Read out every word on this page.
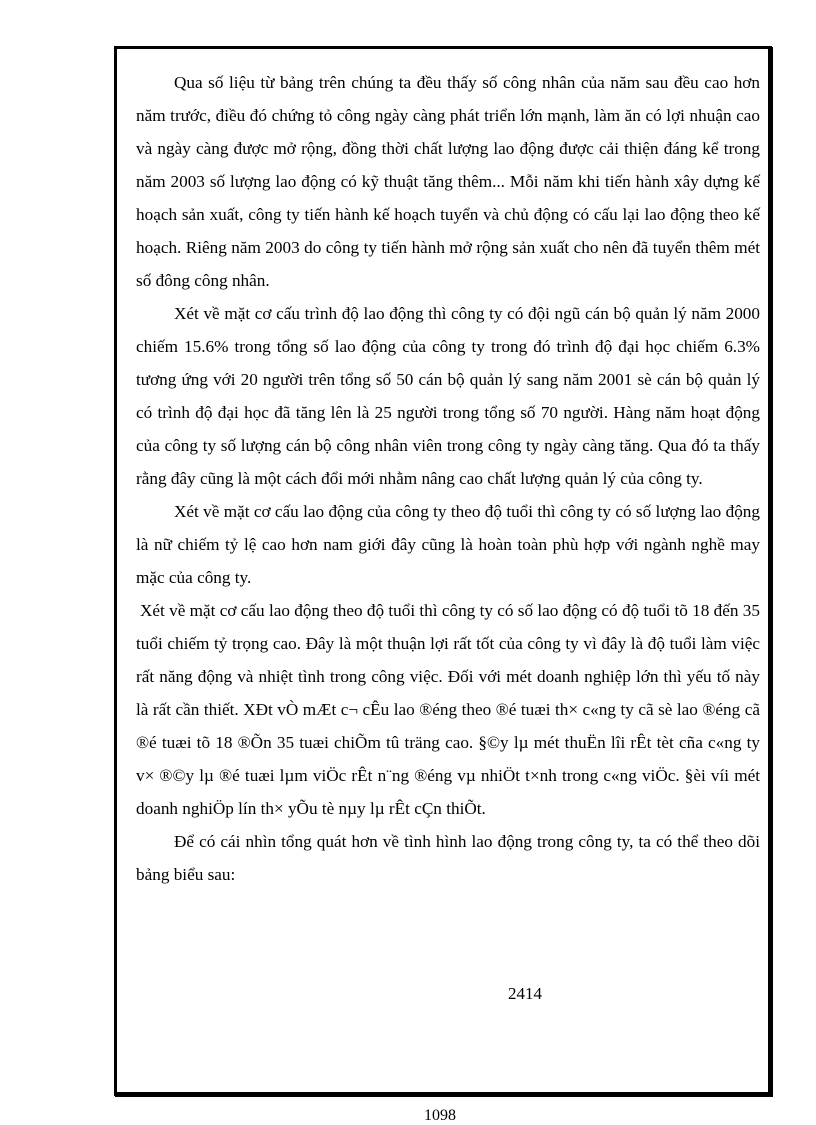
Qua số liệu từ bảng trên chúng ta đều thấy số công nhân của năm sau đều cao hơn năm trước, điều đó chứng tỏ công ngày càng phát triển lớn mạnh, làm ăn có lợi nhuận cao và ngày càng được mở rộng, đồng thời chất lượng lao động được cải thiện đáng kể trong năm 2003 số lượng lao động có kỹ thuật tăng thêm... Mỗi năm khi tiến hành xây dựng kế hoạch sản xuất, công ty tiến hành kế hoạch tuyển và chủ động có cấu lại lao động theo kế hoạch. Riêng năm 2003 do công ty tiến hành mở rộng sản xuất cho nên đã tuyển thêm mét số đông công nhân.

Xét về mặt cơ cấu trình độ lao động thì công ty có đội ngũ cán bộ quản lý năm 2000 chiếm 15.6% trong tổng số lao động của công ty trong đó trình độ đại học chiếm 6.3% tương ứng với 20 người trên tổng số 50 cán bộ quản lý sang năm 2001 sè cán bộ quản lý có trình độ đại học đã tăng lên là 25 người trong tổng số 70 người. Hàng năm hoạt động của công ty số lượng cán bộ công nhân viên trong công ty ngày càng tăng. Qua đó ta thấy rằng đây cũng là một cách đổi mới nhằm nâng cao chất lượng quản lý của công ty.

Xét về mặt cơ cấu lao động của công ty theo độ tuổi thì công ty có số lượng lao động là nữ chiếm tỷ lệ cao hơn nam giới đây cũng là hoàn toàn phù hợp với ngành nghề may mặc của công ty.

Xét về mặt cơ cấu lao động theo độ tuổi thì công ty có số lao động có độ tuổi tõ 18 đến 35 tuổi chiếm tỷ trọng cao. Đây là một thuận lợi rất tốt của công ty vì đây là độ tuổi làm việc rất năng động và nhiệt tình trong công việc. Đối với mét doanh nghiệp lớn thì yếu tố này là rất cần thiết. XÐt vÒ mÆt c¬ cÊu lao ®éng theo ®é tuæi th× c«ng ty cã sè lao ®éng cã ®é tuæi tõ 18 ®Õn 35 tuæi chiÕm tû träng cao. §©y lµ mét thuËn lîi rÊt tèt cña c«ng ty v× ®©y lµ ®é tuæi lµm viÖc rÊt n¨ng ®éng vµ nhiÖt t×nh trong c«ng viÖc. §èi víi mét doanh nghiÖp lín th× yÕu tè nµy lµ rÊt cÇn thiÕt.

Để có cái nhìn tổng quát hơn về tình hình lao động trong công ty, ta có thể theo dõi bảng biểu sau:

2414
1098
